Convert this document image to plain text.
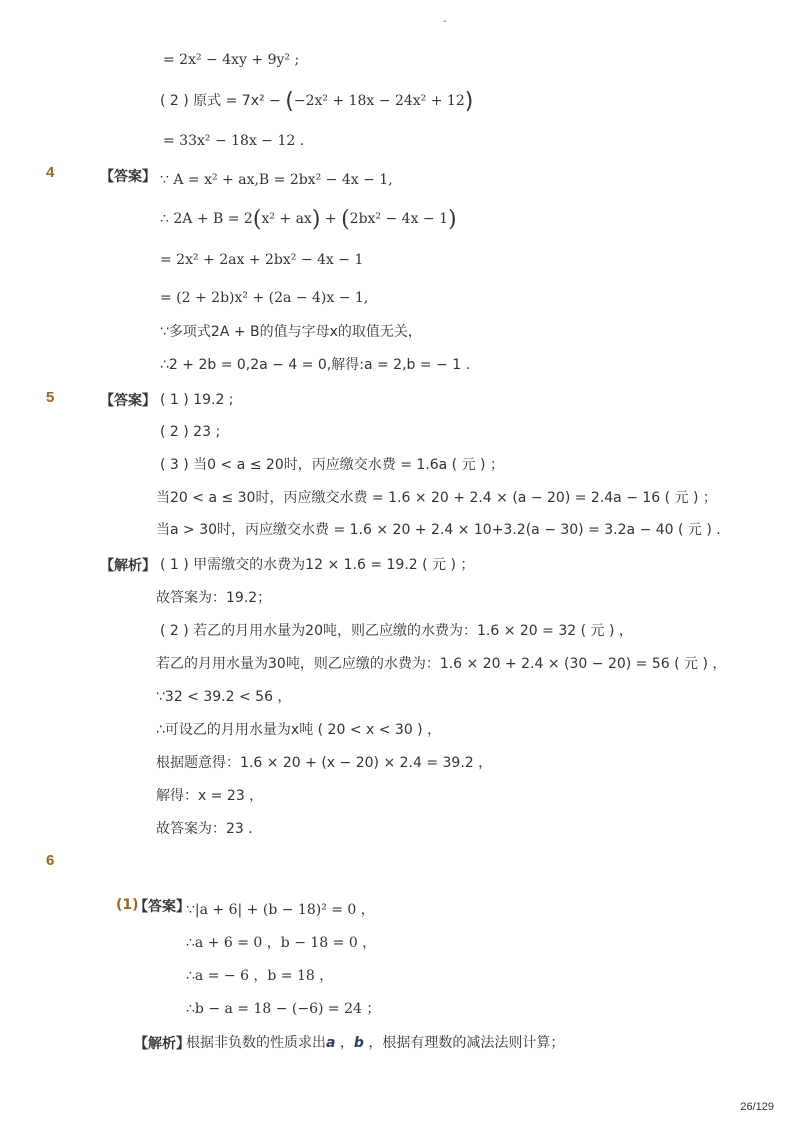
-
= 2x² − 4xy + 9y² ;
( 2 ) 原式 = 7x² − (−2x² + 18x − 24x² + 12)
= 33x² − 18x − 12 .
4	【答案】 ∵ A = x² + ax,B = 2bx² − 4x − 1,
∴ 2A + B = 2(x² + ax) + (2bx² − 4x − 1)
= 2x² + 2ax + 2bx² − 4x − 1
= (2 + 2b)x² + (2a − 4)x − 1,
∵多项式2A + B的值与字母x的取值无关，
∴2 + 2b = 0,2a − 4 = 0,解得:a = 2,b = − 1 .
5	【答案】 ( 1 ) 19.2 ;
( 2 ) 23 ;
( 3 ) 当0 < a ≤ 20时，丙应缴交水费 = 1.6a ( 元 ) ；
当20 < a ≤ 30时，丙应缴交水费 = 1.6 × 20 + 2.4 × (a − 20) = 2.4a − 16 ( 元 ) ；
当a > 30时，丙应缴交水费 = 1.6 × 20 + 2.4 × 10+3.2(a − 30) = 3.2a − 40 ( 元 ) .
【解析】 ( 1 ) 甲需缴交的水费为12 × 1.6 = 19.2 ( 元 ) ；
故答案为：19.2；
( 2 ) 若乙的月用水量为20吨，则乙应缴的水费为：1.6 × 20 = 32 ( 元 ) ，
若乙的月用水量为30吨，则乙应缴的水费为：1.6 × 20 + 2.4 × (30 − 20) = 56 ( 元 ) ，
∵32 < 39.2 < 56 ，
∴可设乙的月用水量为x吨 ( 20 < x < 30 ) ，
根据题意得：1.6 × 20 + (x − 20) × 2.4 = 39.2 ，
解得：x = 23 ，
故答案为：23 .
6
(1)
【答案】
∵|a + 6| + (b − 18)² = 0 ，
∴a + 6 = 0 ，b − 18 = 0 ，
∴a = − 6 ，b = 18 ，
∴b − a = 18 − (−6) = 24 ；
【解析】
根据非负数的性质求出a ，b ，根据有理数的减法法则计算；
26/129
